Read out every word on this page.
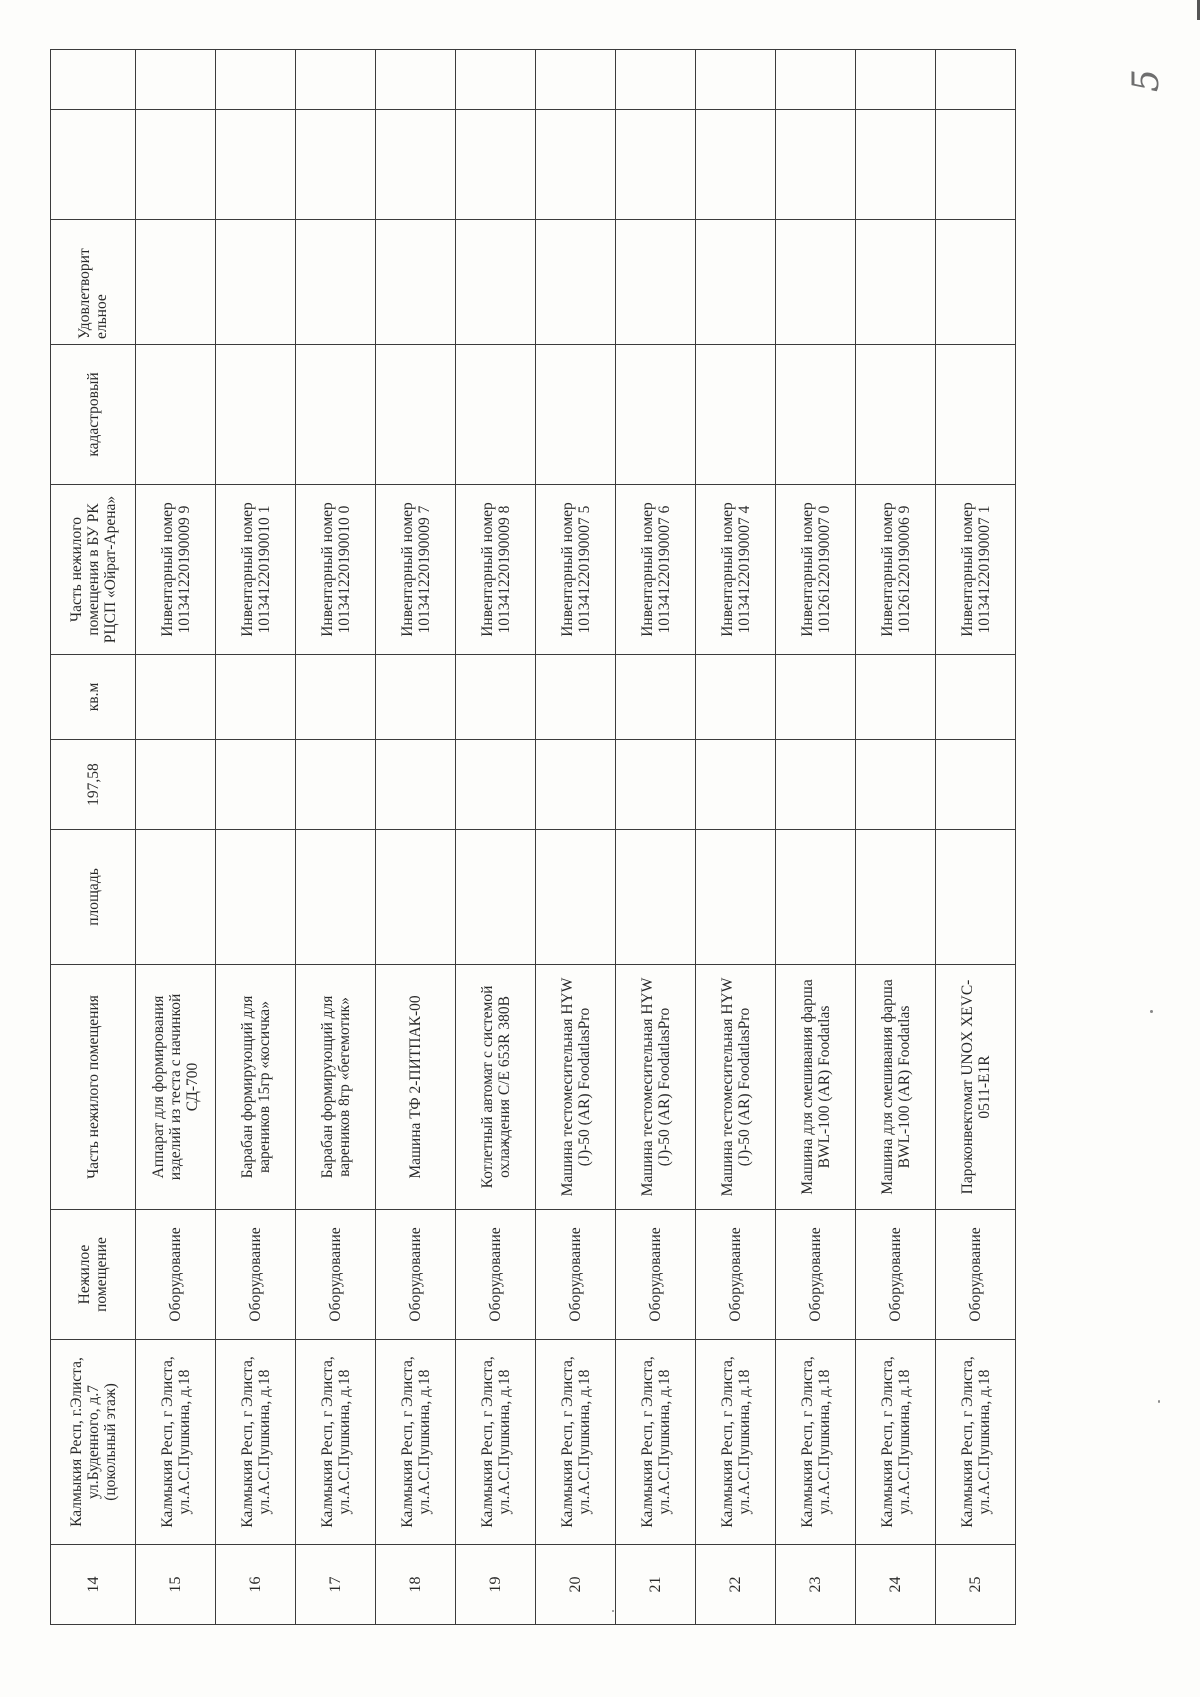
5
14	Калмыкия Респ, г.Элиста, ул.Буденного, д.7 (цокольный этаж)	Нежилое помещение	Часть нежилого помещения	площадь	197,58	кв.м	Часть нежилого помещения в БУ РК РЦСП «Ойрат-Арена»	кадастровый	Удовлетворит ельное		
15	Калмыкия Респ, г Элиста, ул.А.С.Пушкина, д.18	Оборудование	Аппарат для формирования изделий из теста с начинкой СД-700				Инвентарный номер 101341220190009 9				
16	Калмыкия Респ, г Элиста, ул.А.С.Пушкина, д.18	Оборудование	Барабан формирующий для вареников 15гр «косичка»				Инвентарный номер 101341220190010 1				
17	Калмыкия Респ, г Элиста, ул.А.С.Пушкина, д.18	Оборудование	Барабан формирующий для вареников 8гр «бегемотик»				Инвентарный номер 101341220190010 0				
18	Калмыкия Респ, г Элиста, ул.А.С.Пушкина, д.18	Оборудование	Машина ТФ 2-ПИТПАК-00				Инвентарный номер 101341220190009 7				
19	Калмыкия Респ, г Элиста, ул.А.С.Пушкина, д.18	Оборудование	Котлетный автомат с системой охлаждения С/Е 653R 380В				Инвентарный номер 101341220190009 8				
20	Калмыкия Респ, г Элиста, ул.А.С.Пушкина, д.18	Оборудование	Машина тестомесительная HYW (J)-50 (AR) FoodatlasPro				Инвентарный номер 101341220190007 5				
21	Калмыкия Респ, г Элиста, ул.А.С.Пушкина, д.18	Оборудование	Машина тестомесительная HYW (J)-50 (AR) FoodatlasPro				Инвентарный номер 101341220190007 6				
22	Калмыкия Респ, г Элиста, ул.А.С.Пушкина, д.18	Оборудование	Машина тестомесительная HYW (J)-50 (AR) FoodatlasPro				Инвентарный номер 101341220190007 4				
23	Калмыкия Респ, г Элиста, ул.А.С.Пушкина, д.18	Оборудование	Машина для смешивания фарша BWL-100 (AR) Foodatlas				Инвентарный номер 101261220190007 0				
24	Калмыкия Респ, г Элиста, ул.А.С.Пушкина, д.18	Оборудование	Машина для смешивания фарша BWL-100 (AR) Foodatlas				Инвентарный номер 101261220190006 9				
25	Калмыкия Респ, г Элиста, ул.А.С.Пушкина, д.18	Оборудование	Пароконвектомат UNOX XEVC-0511-E1R				Инвентарный номер 101341220190007 1				
